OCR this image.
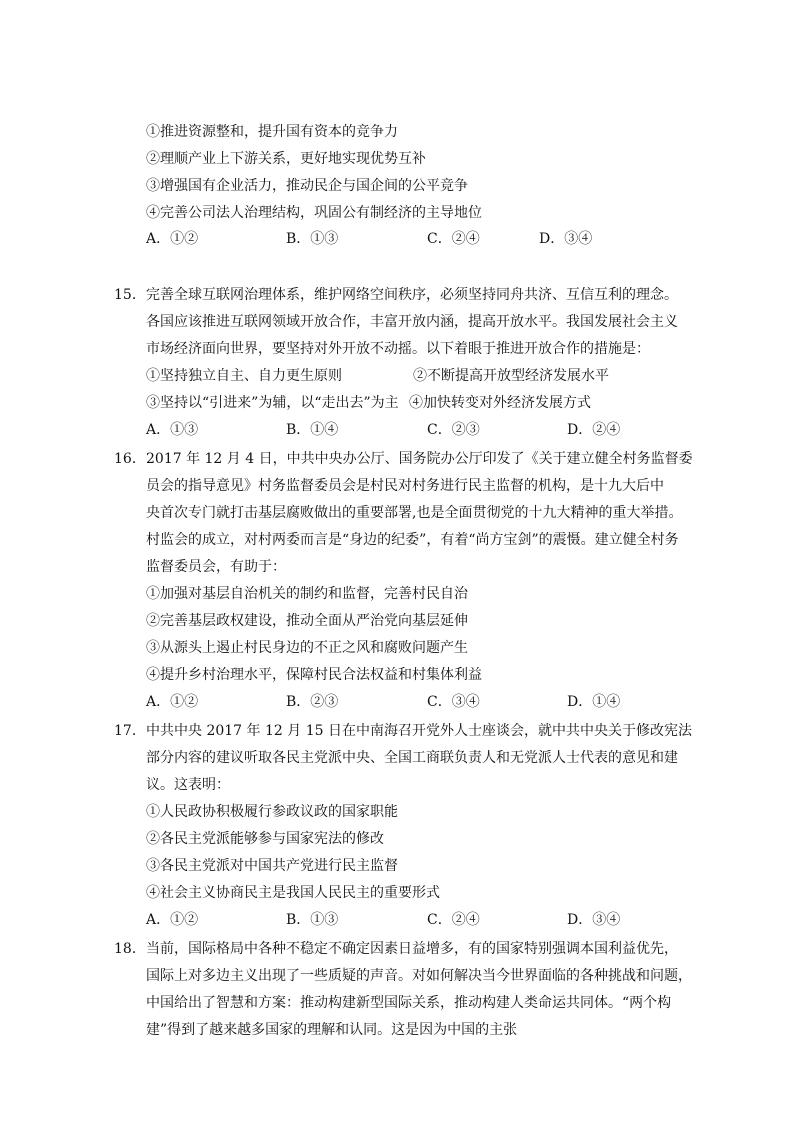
①推进资源整和，提升国有资本的竞争力
②理顺产业上下游关系，更好地实现优势互补
③增强国有企业活力，推动民企与国企间的公平竞争
④完善公司法人治理结构，巩固公有制经济的主导地位
A．①②	B．①③	C．②④	D．③④
15． 完善全球互联网治理体系，维护网络空间秩序，必须坚持同舟共济、互信互利的理念。
各国应该推进互联网领域开放合作，丰富开放内涵，提高开放水平。我国发展社会主义
市场经济面向世界，要坚持对外开放不动摇。以下着眼于推进开放合作的措施是：
①坚持独立自主、自力更生原则	②不断提高开放型经济发展水平
③坚持以“引进来”为辅，以“走出去”为主 ④加快转变对外经济发展方式
A．①③	B．①④	C．②③	D．②④
16． 2017 年 12 月 4 日，中共中央办公厅、国务院办公厅印发了《关于建立健全村务监督委
员会的指导意见》村务监督委员会是村民对村务进行民主监督的机构，是十九大后中
央首次专门就打击基层腐败做出的重要部署,也是全面贯彻党的十九大精神的重大举措。
村监会的成立，对村两委而言是“身边的纪委”，有着“尚方宝剑”的震慑。建立健全村务
监督委员会，有助于：
①加强对基层自治机关的制约和监督，完善村民自治
②完善基层政权建设，推动全面从严治党向基层延伸
③从源头上遏止村民身边的不正之风和腐败问题产生
④提升乡村治理水平，保障村民合法权益和村集体利益
A．①②	B．②③	C．③④	D．①④
17． 中共中央 2017 年 12 月 15 日在中南海召开党外人士座谈会，就中共中央关于修改宪法
部分内容的建议听取各民主党派中央、全国工商联负责人和无党派人士代表的意见和建
议。这表明：
①人民政协积极履行参政议政的国家职能
②各民主党派能够参与国家宪法的修改
③各民主党派对中国共产党进行民主监督
④社会主义协商民主是我国人民民主的重要形式
A．①②	B．①③	C．②④	D．③④
18． 当前，国际格局中各种不稳定不确定因素日益增多，有的国家特别强调本国利益优先，
国际上对多边主义出现了一些质疑的声音。对如何解决当今世界面临的各种挑战和问题，
中国给出了智慧和方案：推动构建新型国际关系，推动构建人类命运共同体。“两个构
建”得到了越来越多国家的理解和认同。这是因为中国的主张
